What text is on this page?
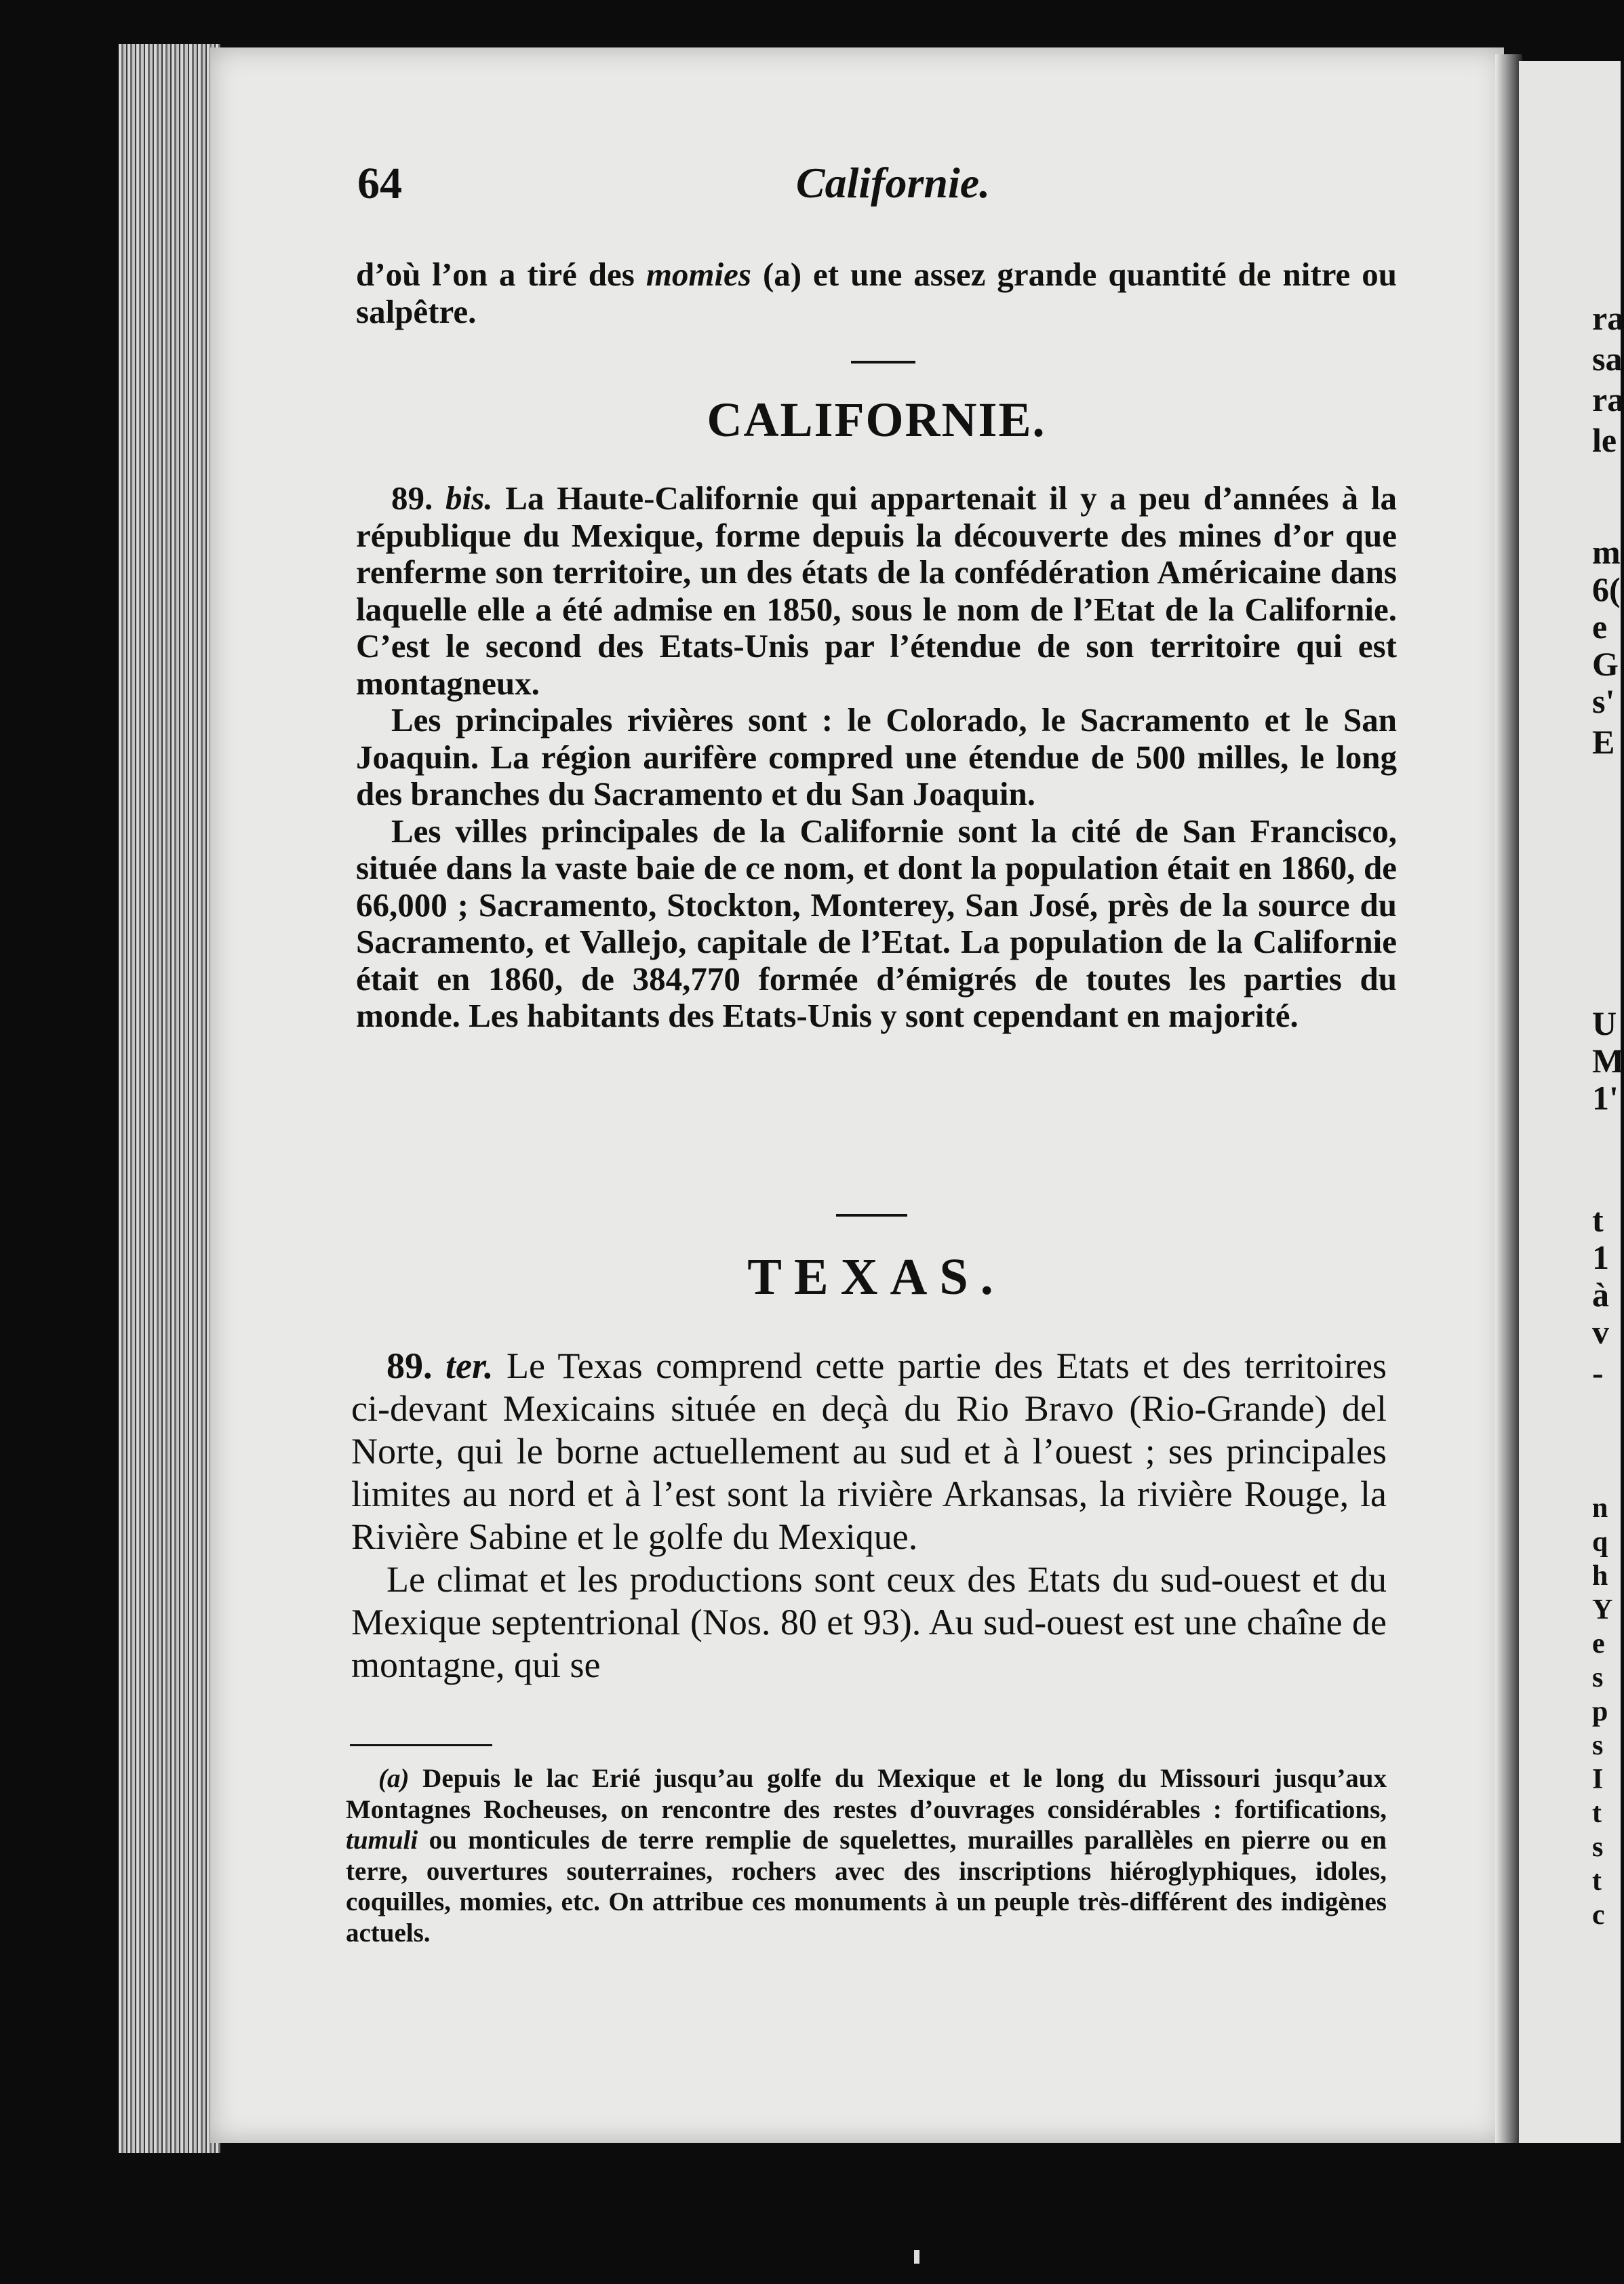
ra
sa
ra
le
m
6(
e
G
s'
E
U
M
1'
t
1
à
v
-
n
q
h
Y
e
s
p
s
I
t
s
t
c
64	Californie.

d’où l’on a tiré des momies (a) et une assez grande quantité de nitre ou salpêtre.

CALIFORNIE.

89. bis. La Haute-Californie qui appartenait il y a peu d’années à la république du Mexique, forme depuis la découverte des mines d’or que renferme son territoire, un des états de la confédération Américaine dans laquelle elle a été admise en 1850, sous le nom de l’Etat de la Californie. C’est le second des Etats-Unis par l’étendue de son territoire qui est montagneux.

Les principales rivières sont : le Colorado, le Sacramento et le San Joaquin. La région aurifère compred une étendue de 500 milles, le long des branches du Sacramento et du San Joaquin.

Les villes principales de la Californie sont la cité de San Francisco, située dans la vaste baie de ce nom, et dont la population était en 1860, de 66,000 ; Sacramento, Stockton, Monterey, San José, près de la source du Sacramento, et Vallejo, capitale de l’Etat. La population de la Californie était en 1860, de 384,770 formée d’émigrés de toutes les parties du monde. Les habitants des Etats-Unis y sont cependant en majorité.

TEXAS.

89. ter. Le Texas comprend cette partie des Etats et des territoires ci-devant Mexicains située en deçà du Rio Bravo (Rio-Grande) del Norte, qui le borne actuellement au sud et à l’ouest ; ses principales limites au nord et à l’est sont la rivière Arkansas, la rivière Rouge, la Rivière Sabine et le golfe du Mexique.

Le climat et les productions sont ceux des Etats du sud-ouest et du Mexique septentrional (Nos. 80 et 93). Au sud-ouest est une chaîne de montagne, qui se

(a) Depuis le lac Erié jusqu’au golfe du Mexique et le long du Missouri jusqu’aux Montagnes Rocheuses, on rencontre des restes d’ouvrages considérables : fortifications, tumuli ou monticules de terre remplie de squelettes, murailles parallèles en pierre ou en terre, ouvertures souterraines, rochers avec des inscriptions hiéroglyphiques, idoles, coquilles, momies, etc. On attribue ces monuments à un peuple très-différent des indigènes actuels.
